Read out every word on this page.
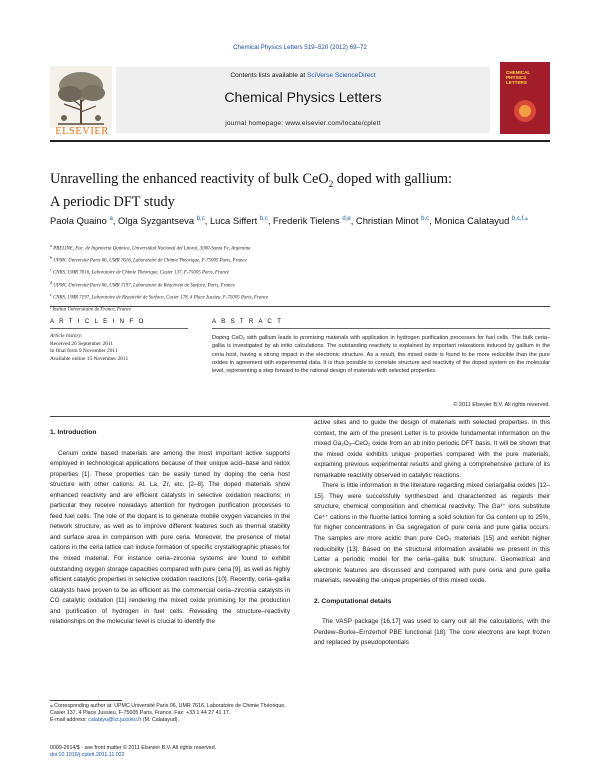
Chemical Physics Letters 519–520 (2012) 69–72
ELSEVIER
Contents lists available at SciVerse ScienceDirect
Chemical Physics Letters
journal homepage: www.elsevier.com/locate/cplett
CHEMICAL PHYSICS LETTERS
Unravelling the enhanced reactivity of bulk CeO$_2$ doped with gallium:
A periodic DFT study
Paola Quaino $^a$, Olga Syzgantseva $^{b,c}$, Luca Siffert $^{b,c}$, Frederik Tielens $^{d,e}$, Christian Minot $^{b,c}$, Monica Calatayud $^{b,c,f,⁎}$
$^a$ PRELINE, Fac. de Ingeniería Química, Universidad Nacional del Litoral, 3000-Santa Fe, Argentina
$^b$ UPMC Université Paris 06, UMR 7616, Laboratoire de Chimie Théorique, F-75005 Paris, France
$^c$ CNRS, UMR 7616, Laboratoire de Chimie Théorique, Casier 137, F-75005 Paris, France
$^d$ UPMC Université Paris 06, UMR 7197, Laboratoire de Réactivité de Surface, Paris, France
$^e$ CNRS, UMR 7197, Laboratoire de Réactivité de Surface, Casier 178, 4 Place Jussieu, F-75005 Paris, France
Institut Universitaire de France, France
A R T I C L E I N F O
Article history:
Received 26 September 2011
In final form 9 November 2011
Available online 15 November 2011
A B S T R A C T
Doping CeO₂ with gallium leads to promising materials with application in hydrogen purification processes for fuel cells. The bulk ceria–gallia is investigated by ab initio calculations. The outstanding reactivity is explained by important relaxations induced by gallium in the ceria host, having a strong impact in the electronic structure. As a result, the mixed oxide is found to be more reducible than the pure oxides in agreement with experimental data. It is thus possible to correlate structure and reactivity of the doped system on the molecular level, representing a step forward to the rational design of materials with selected properties.
© 2011 Elsevier B.V. All rights reserved.

1. Introduction

Cerium oxide based materials are among the most important active supports employed in technological applications because of their unique acid–base and redox properties [1]. These properties can be easily tuned by doping the ceria host structure with other cations: Al, La, Zr, etc. [2–8]. The doped materials show enhanced reactivity and are efficient catalysts in selective oxidation reactions; in particular they receive nowadays attention for hydrogen purification processes to feed fuel cells. The role of the dopant is to generate mobile oxygen vacancies in the network structure, as well as to improve different features such as thermal stability and surface area in comparison with pure ceria. Moreover, the presence of metal cations in the ceria lattice can induce formation of specific crystallographic phases for the mixed material. For instance ceria–zirconia systems are found to exhibit outstanding oxygen storage capacities compared with pure ceria [9], as well as highly efficient catalytic properties in selective oxidation reactions [10]. Recently, ceria–gallia catalysts have proven to be as efficient as the commercial ceria–zirconia catalysts in CO catalytic oxidation [11] rendering the mixed oxide promising for the production and purification of hydrogen in fuel cells. Revealing the structure–reactivity relationships on the molecular level is crucial to identify the

active sites and to guide the design of materials with selected properties. In this context, the aim of the present Letter is to provide fundamental information on the mixed Ga₂O₃–CeO₂ oxide from an ab initio periodic DFT basis. It will be shown that the mixed oxide exhibits unique properties compared with the pure materials, explaining previous experimental results and giving a comprehensive picture of its remarkable reactivity observed in catalytic reactions.

There is little information in the literature regarding mixed ceria/gallia oxides [12–15]. They were successfully synthesized and characterized as regards their structure, chemical composition and chemical reactivity. The Ga³⁺ ions substitute Ce⁴⁺ cations in the fluorite lattice forming a solid solution for Ga content up to 25%, for higher concentrations in Ga segregation of pure ceria and pure gallia occurs. The samples are more acidic than pure CeO₂ materials [15] and exhibit higher reducibility [13]. Based on the structural information available we present in this Letter a periodic model for the ceria–gallia bulk structure. Geometrical and electronic features are discussed and compared with pure ceria and pure gallia materials, revealing the unique properties of this mixed oxide.

2. Computational details

The VASP package [16,17] was used to carry out all the calculations, with the Perdew–Burke–Ernzerhof PBE functional [18]. The core electrons are kept frozen and replaced by pseudopotentials

⁎ Corresponding author at: UPMC Université Paris 06, UMR 7616, Laboratoire de Chimie Théorique, Casier 137, 4 Place Jussieu, F-75005 Paris, France. Fax: +33 1 44 27 41 17.
E-mail address: calatayu@lct.jussieu.fr (M. Calatayud).
0009-2614/$ - see front matter © 2011 Elsevier B.V. All rights reserved.
doi:10.1016/j.cplett.2011.11.022
